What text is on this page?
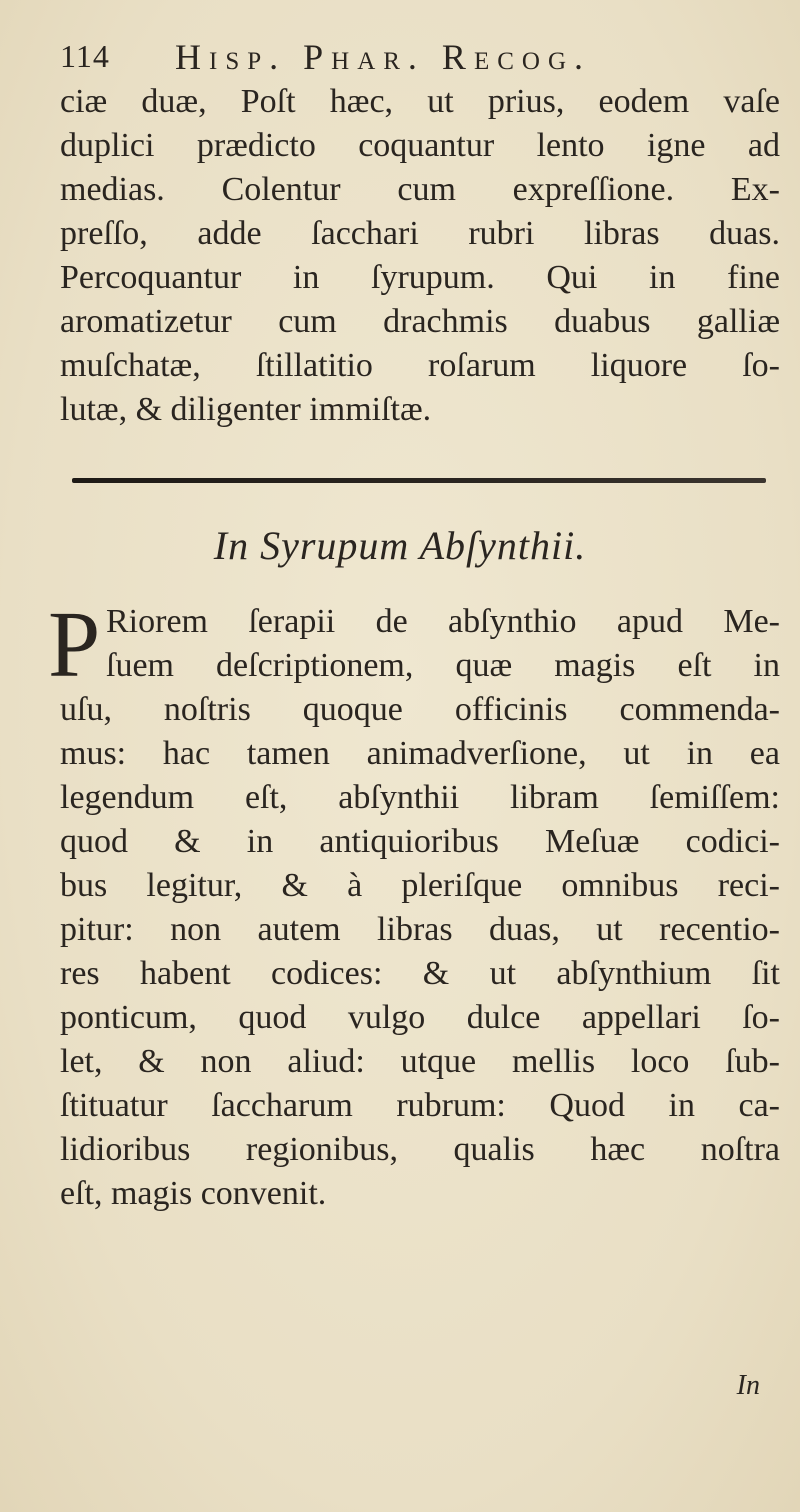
114 Hisp. Phar. Recog.
ciæ duæ, Poſt hæc, ut prius, eodem vaſe
duplici prædicto coquantur lento igne ad
medias. Colentur cum expreſſione. Ex-
preſſo, adde ſacchari rubri libras duas.
Percoquantur in ſyrupum. Qui in fine
aromatizetur cum drachmis duabus galliæ
muſchatæ, ſtillatitio roſarum liquore ſo-
lutæ, & diligenter immiſtæ.
In Syrupum Abſynthii.
P Riorem ſerapii de abſynthio apud Me-
ſuem deſcriptionem, quæ magis eſt in
uſu, noſtris quoque officinis commenda-
mus: hac tamen animadverſione, ut in ea
legendum eſt, abſynthii libram ſemiſſem:
quod & in antiquioribus Meſuæ codici-
bus legitur, & à pleriſque omnibus reci-
pitur: non autem libras duas, ut recentio-
res habent codices: & ut abſynthium ſit
ponticum, quod vulgo dulce appellari ſo-
let, & non aliud: utque mellis loco ſub-
ſtituatur ſaccharum rubrum: Quod in ca-
lidioribus regionibus, qualis hæc noſtra
eſt, magis convenit.
In
